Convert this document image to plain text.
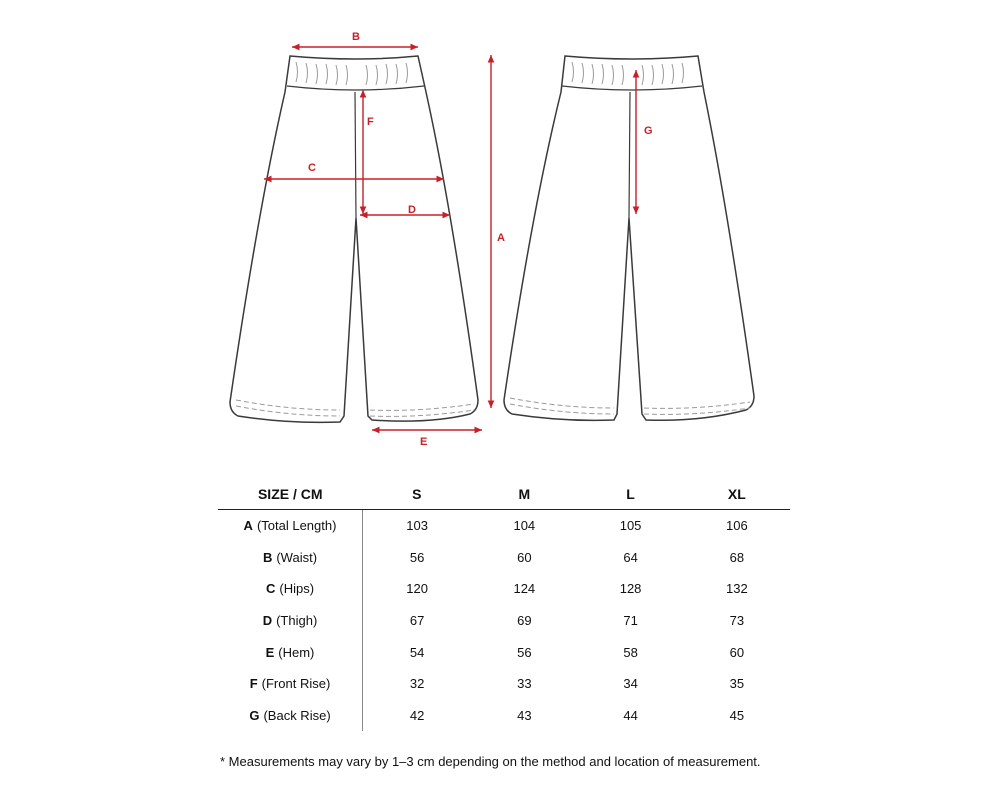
B
C
F
D
A
E
G
SIZE / CM	S	M	L	XL
A (Total Length)	103	104	105	106
B (Waist)	56	60	64	68
C (Hips)	120	124	128	132
D (Thigh)	67	69	71	73
E (Hem)	54	56	58	60
F (Front Rise)	32	33	34	35
G (Back Rise)	42	43	44	45
* Measurements may vary by 1–3 cm depending on the method and location of measurement.
